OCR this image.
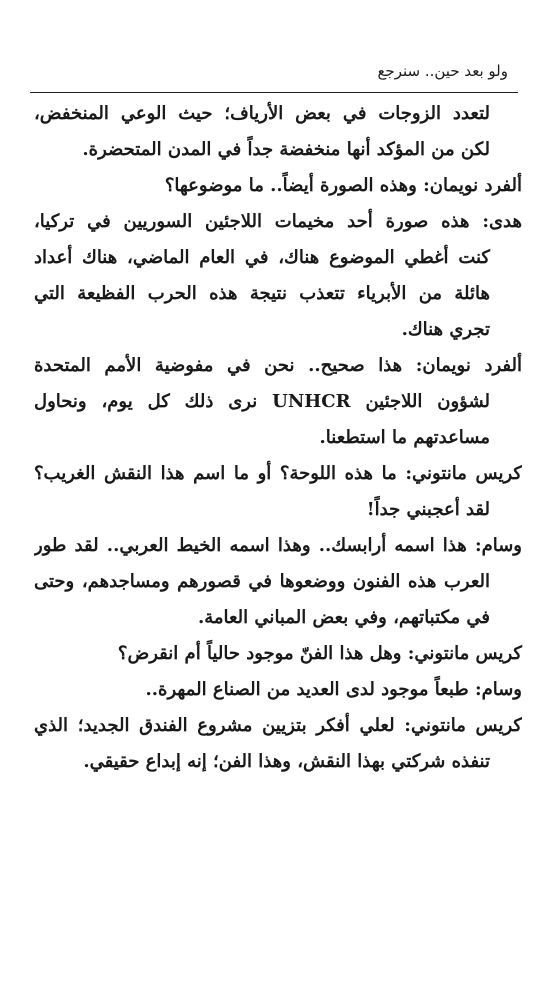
ولو بعد حين.. سنرجع
لتعدد الزوجات في بعض الأرياف؛ حيث الوعي المنخفض،
لكن من المؤكد أنها منخفضة جداً في المدن المتحضرة.
ألفرد نويمان: وهذه الصورة أيضاً.. ما موضوعها؟
هدى: هذه صورة أحد مخيمات اللاجئين السوريين في تركيا،
كنت أغطي الموضوع هناك، في العام الماضي، هناك أعداد
هائلة من الأبرياء تتعذب نتيجة هذه الحرب الفظيعة التي
تجري هناك.
ألفرد نويمان: هذا صحيح.. نحن في مفوضية الأمم المتحدة
لشؤون اللاجئين UNHCR نرى ذلك كل يوم، ونحاول
مساعدتهم ما استطعنا.
كريس مانتوني: ما هذه اللوحة؟ أو ما اسم هذا النقش الغريب؟
لقد أعجبني جداً!
وسام: هذا اسمه أرابسك.. وهذا اسمه الخيط العربي.. لقد طور
العرب هذه الفنون ووضعوها في قصورهم ومساجدهم، وحتى
في مكتباتهم، وفي بعض المباني العامة.
كريس مانتوني: وهل هذا الفنّ موجود حالياً أم انقرض؟
وسام: طبعاً موجود لدى العديد من الصناع المهرة..
كريس مانتوني: لعلي أفكر بتزيين مشروع الفندق الجديد؛ الذي
تنفذه شركتي بهذا النقش، وهذا الفن؛ إنه إبداع حقيقي.
